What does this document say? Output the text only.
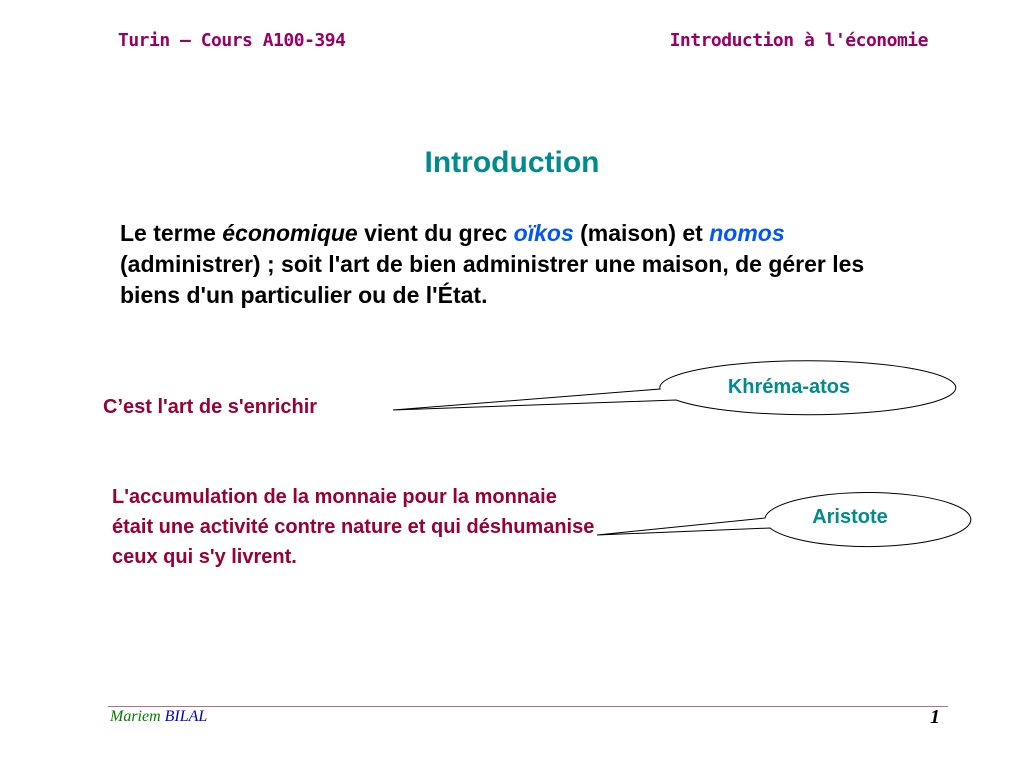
Turin – Cours A100-394	Introduction à l'économie
Introduction
Le terme économique vient du grec oïkos (maison) et nomos (administrer) ; soit l'art de bien administrer une maison, de gérer les biens d'un particulier ou de l'État.
Khréma-atos
Aristote
C’est l'art de s'enrichir
L'accumulation de la monnaie pour la monnaie était une activité contre nature et qui déshumanise ceux qui s'y livrent.
Mariem BILAL	1
